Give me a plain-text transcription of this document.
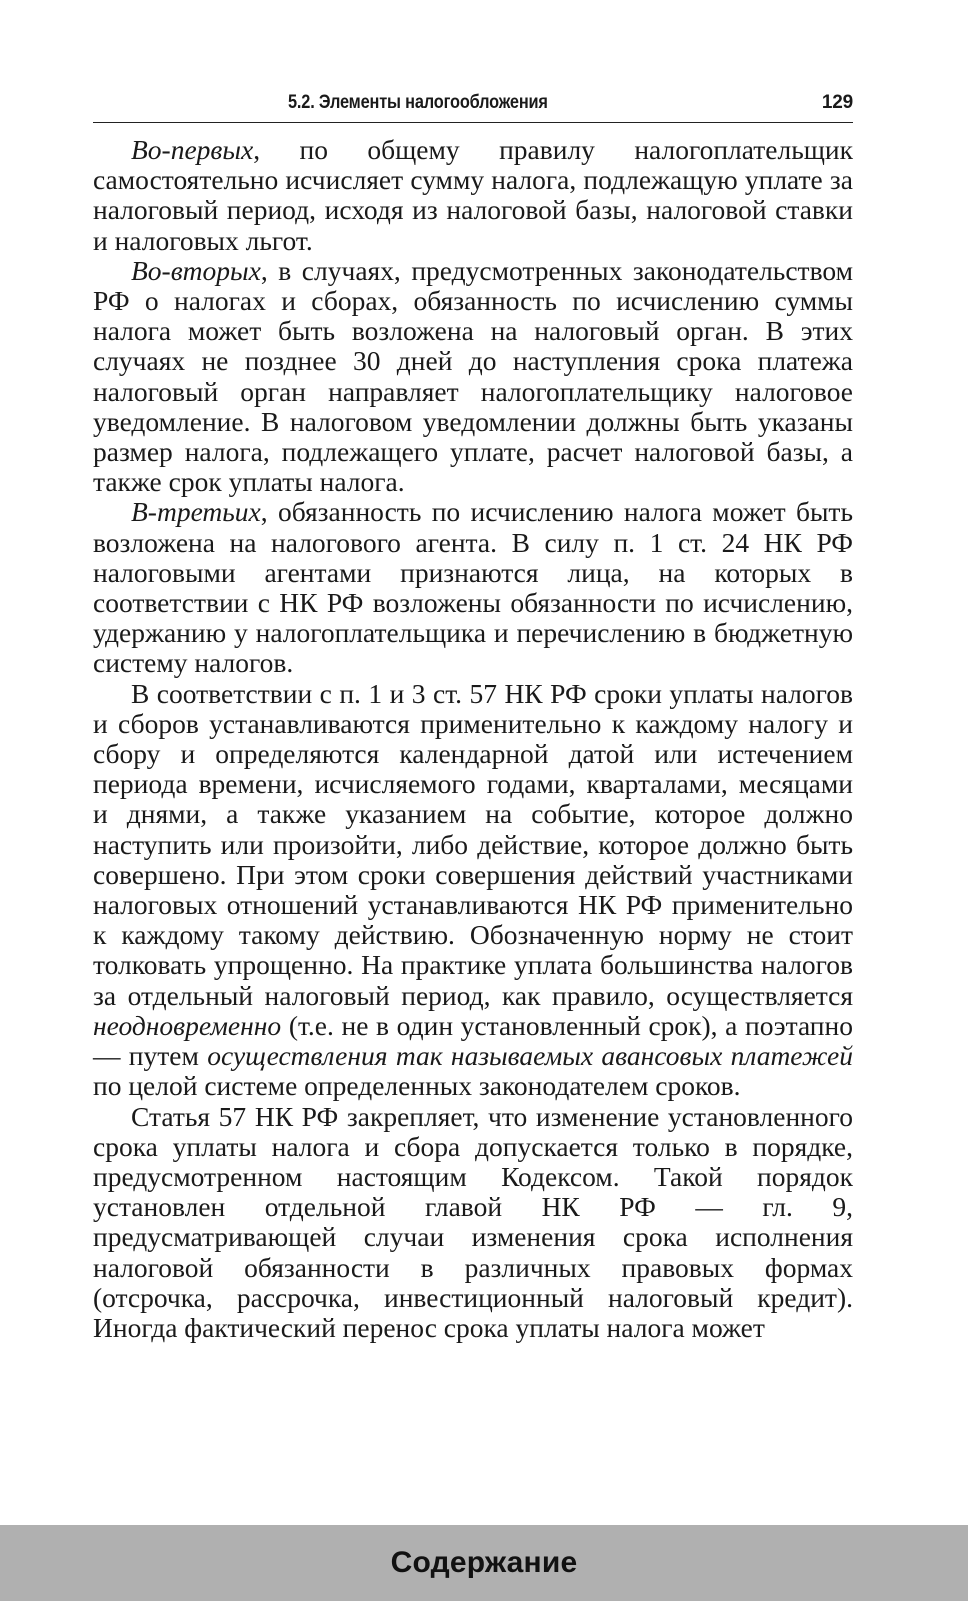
5.2. Элементы налогообложения	129

Во-первых, по общему правилу налогоплательщик самостоятельно исчисляет сумму налога, подлежащую уплате за налоговый период, исходя из налоговой базы, налоговой ставки и налоговых льгот.

Во-вторых, в случаях, предусмотренных законодательством РФ о налогах и сборах, обязанность по исчислению суммы налога может быть возложена на налоговый орган. В этих случаях не позднее 30 дней до наступления срока платежа налоговый орган направляет налогоплательщику налоговое уведомление. В налоговом уведомлении должны быть указаны размер налога, подлежащего уплате, расчет налоговой базы, а также срок уплаты налога.

В-третьих, обязанность по исчислению налога может быть возложена на налогового агента. В силу п. 1 ст. 24 НК РФ налоговыми агентами признаются лица, на которых в соответствии с НК РФ возложены обязанности по исчислению, удержанию у налогоплательщика и перечислению в бюджетную систему налогов.

В соответствии с п. 1 и 3 ст. 57 НК РФ сроки уплаты налогов и сборов устанавливаются применительно к каждому налогу и сбору и определяются календарной датой или истечением периода времени, исчисляемого годами, кварталами, месяцами и днями, а также указанием на событие, которое должно наступить или произойти, либо действие, которое должно быть совершено. При этом сроки совершения действий участниками налоговых отношений устанавливаются НК РФ применительно к каждому такому действию. Обозначенную норму не стоит толковать упрощенно. На практике уплата большинства налогов за отдельный налоговый период, как правило, осуществляется неодновременно (т.е. не в один установленный срок), а поэтапно — путем осуществления так называемых авансовых платежей по целой системе определенных законодателем сроков.

Статья 57 НК РФ закрепляет, что изменение установленного срока уплаты налога и сбора допускается только в порядке, предусмотренном настоящим Кодексом. Такой порядок установлен отдельной главой НК РФ — гл. 9, предусматривающей случаи изменения срока исполнения налоговой обязанности в различных правовых формах (отсрочка, рассрочка, инвестиционный налоговый кредит). Иногда фактический перенос срока уплаты налога может

Содержание
